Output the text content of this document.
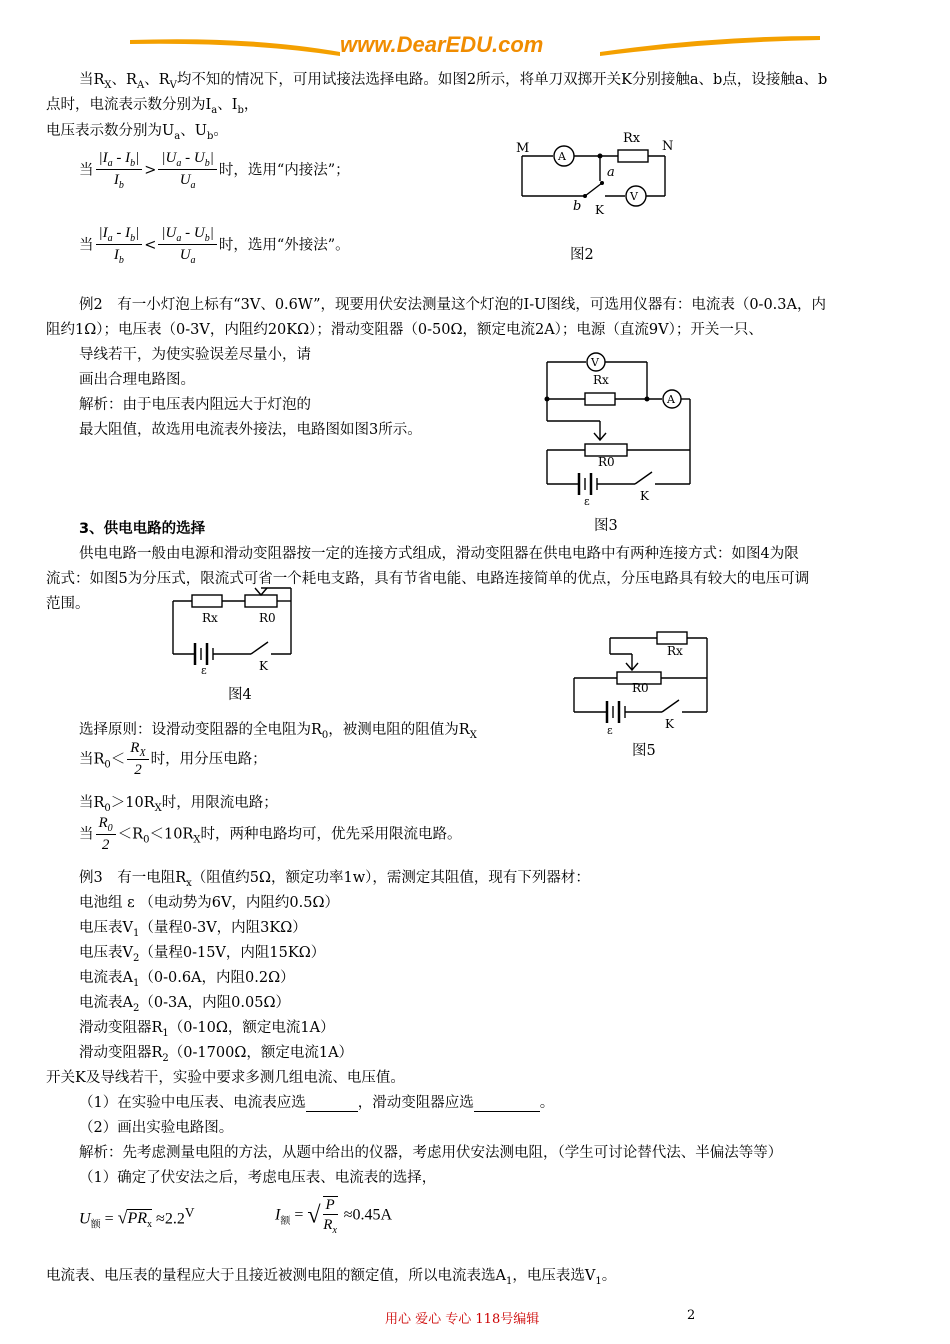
www.DearEDU.com
当$R_X$、$R_A$、$R_V$均不知的情况下，可用试接法选择电路。如图2所示，将单刀双掷开关K分别接触a、b点，设接触a、b
点时，电流表示数分别为$I_a$、$I_b$，
电压表示数分别为$U_a$、$U_b$。
当 $\frac{|I_a - I_b|}{I_b} > \frac{|U_a - U_b|}{U_a}$ 时，选用“内接法”；
当 $\frac{|I_a - I_b|}{I_b} < \frac{|U_a - U_b|}{U_a}$ 时，选用“外接法”。
M	N
A
V
Rx
a
b K
图2
例2　有一小灯泡上标有“3V、0.6W”，现要用伏安法测量这个灯泡的I-U图线，可选用仪器有：电流表（0-0.3A，内
阻约1Ω）；电压表（0-3V，内阻约20KΩ）；滑动变阻器（0-50Ω，额定电流2A）；电源（直流9V）；开关一只、
导线若干，为使实验误差尽量小，请
画出合理电路图。
解析：由于电压表内阻远大于灯泡的
最大阻值，故选用电流表外接法，电路图如图3所示。
V
A
Rx
R0
ε	K
图3
3、供电电路的选择
供电电路一般由电源和滑动变阻器按一定的连接方式组成，滑动变阻器在供电电路中有两种连接方式：如图4为限
流式：如图5为分压式，限流式可省一个耗电支路，具有节省电能、电路连接简单的优点，分压电路具有较大的电压可调
范围。
Rx	R0
ε	K
图4
Rx
R0
ε	K
图5
选择原则：设滑动变阻器的全电阻为$R_0$，被测电阻的阻值为$R_X$
当$R_0< \frac{R_X}{2}$ 时，用分压电路；
当$R_0>10R_X$时，用限流电路；
当 $\frac{R_0}{2} <R_0<10R_X$时，两种电路均可，优先采用限流电路。
例3　有一电阻$R_x$（阻值约5Ω，额定功率1w），需测定其阻值，现有下列器材：
电池组 ε （电动势为6V，内阻约0.5Ω）
电压表$V_1$（量程0-3V，内阻3KΩ）
电压表$V_2$（量程0-15V，内阻15KΩ）
电流表$A_1(0-0.6A$，内阻0.2Ω）
电流表$A_2(0-3A$，内阻0.05Ω）
滑动变阻器$R_1(0-10\Omega$，额定电流1A）
滑动变阻器$R_2(0-1700\Omega$，额定电流1A）
开关K及导线若干，实验中要求多测几组电流、电压值。
（1）在实验中电压表、电流表应选	，滑动变阻器应选	。
（2）画出实验电路图。
解析：先考虑测量电阻的方法，从题中给出的仪器，考虑用伏安法测电阻，（学生可讨论替代法、半偏法等等）
（1）确定了伏安法之后，考虑电压表、电流表的选择，
$U_额 = √PR_x \approx 2.2^V$	$I_额$ = √ $\frac{P}{R_x} \approx 0.45A$
电流表、电压表的量程应大于且接近被测电阻的额定值，所以电流表选$A_1$，电压表选$V_1$。
用心 爱心 专心 118号编辑	2
